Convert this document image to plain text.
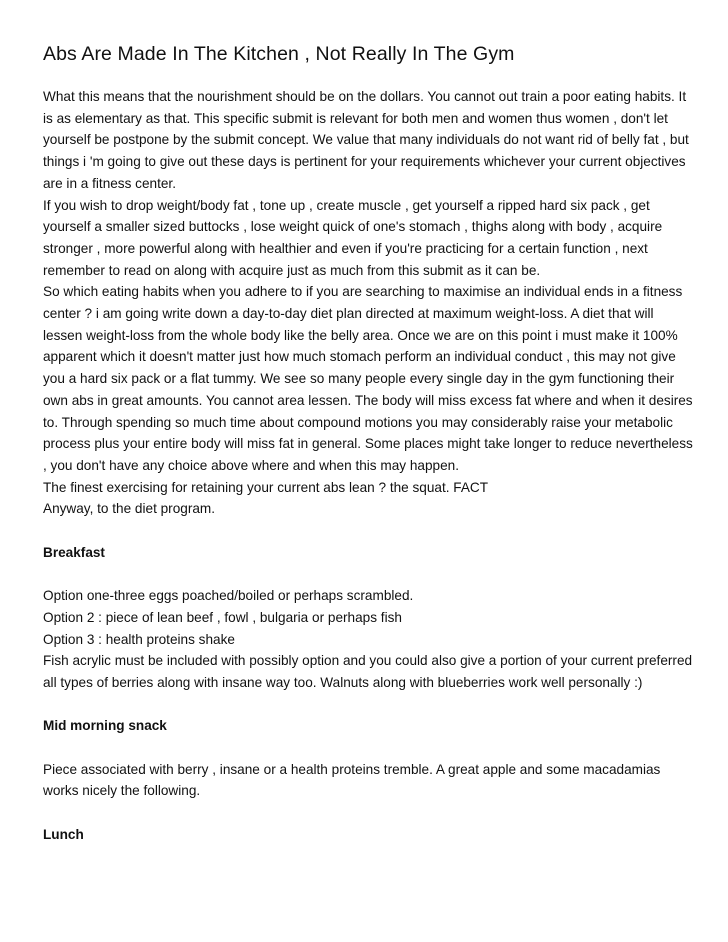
Abs Are Made In The Kitchen , Not Really In The Gym

What this means that the nourishment should be on the dollars. You cannot out train a poor eating habits. It is as elementary as that. This specific submit is relevant for both men and women thus women , don't let yourself be postpone by the submit concept. We value that many individuals do not want rid of belly fat , but things i 'm going to give out these days is pertinent for your requirements whichever your current objectives are in a fitness center.

If you wish to drop weight/body fat , tone up , create muscle , get yourself a ripped hard six pack , get yourself a smaller sized buttocks , lose weight quick of one's stomach , thighs along with body , acquire stronger , more powerful along with healthier and even if you're practicing for a certain function , next remember to read on along with acquire just as much from this submit as it can be.

So which eating habits when you adhere to if you are searching to maximise an individual ends in a fitness center ? i am going write down a day-to-day diet plan directed at maximum weight-loss. A diet that will lessen weight-loss from the whole body like the belly area. Once we are on this point i must make it 100% apparent which it doesn't matter just how much stomach perform an individual conduct , this may not give you a hard six pack or a flat tummy. We see so many people every single day in the gym functioning their own abs in great amounts. You cannot area lessen. The body will miss excess fat where and when it desires to. Through spending so much time about compound motions you may considerably raise your metabolic process plus your entire body will miss fat in general. Some places might take longer to reduce nevertheless , you don't have any choice above where and when this may happen.

The finest exercising for retaining your current abs lean ? the squat. FACT

Anyway, to the diet program.

Breakfast

Option one-three eggs poached/boiled or perhaps scrambled.

Option 2 : piece of lean beef , fowl , bulgaria or perhaps fish

Option 3 : health proteins shake

Fish acrylic must be included with possibly option and you could also give a portion of your current preferred all types of berries along with insane way too. Walnuts along with blueberries work well personally :)

Mid morning snack

Piece associated with berry , insane or a health proteins tremble. A great apple and some macadamias works nicely the following.

Lunch
